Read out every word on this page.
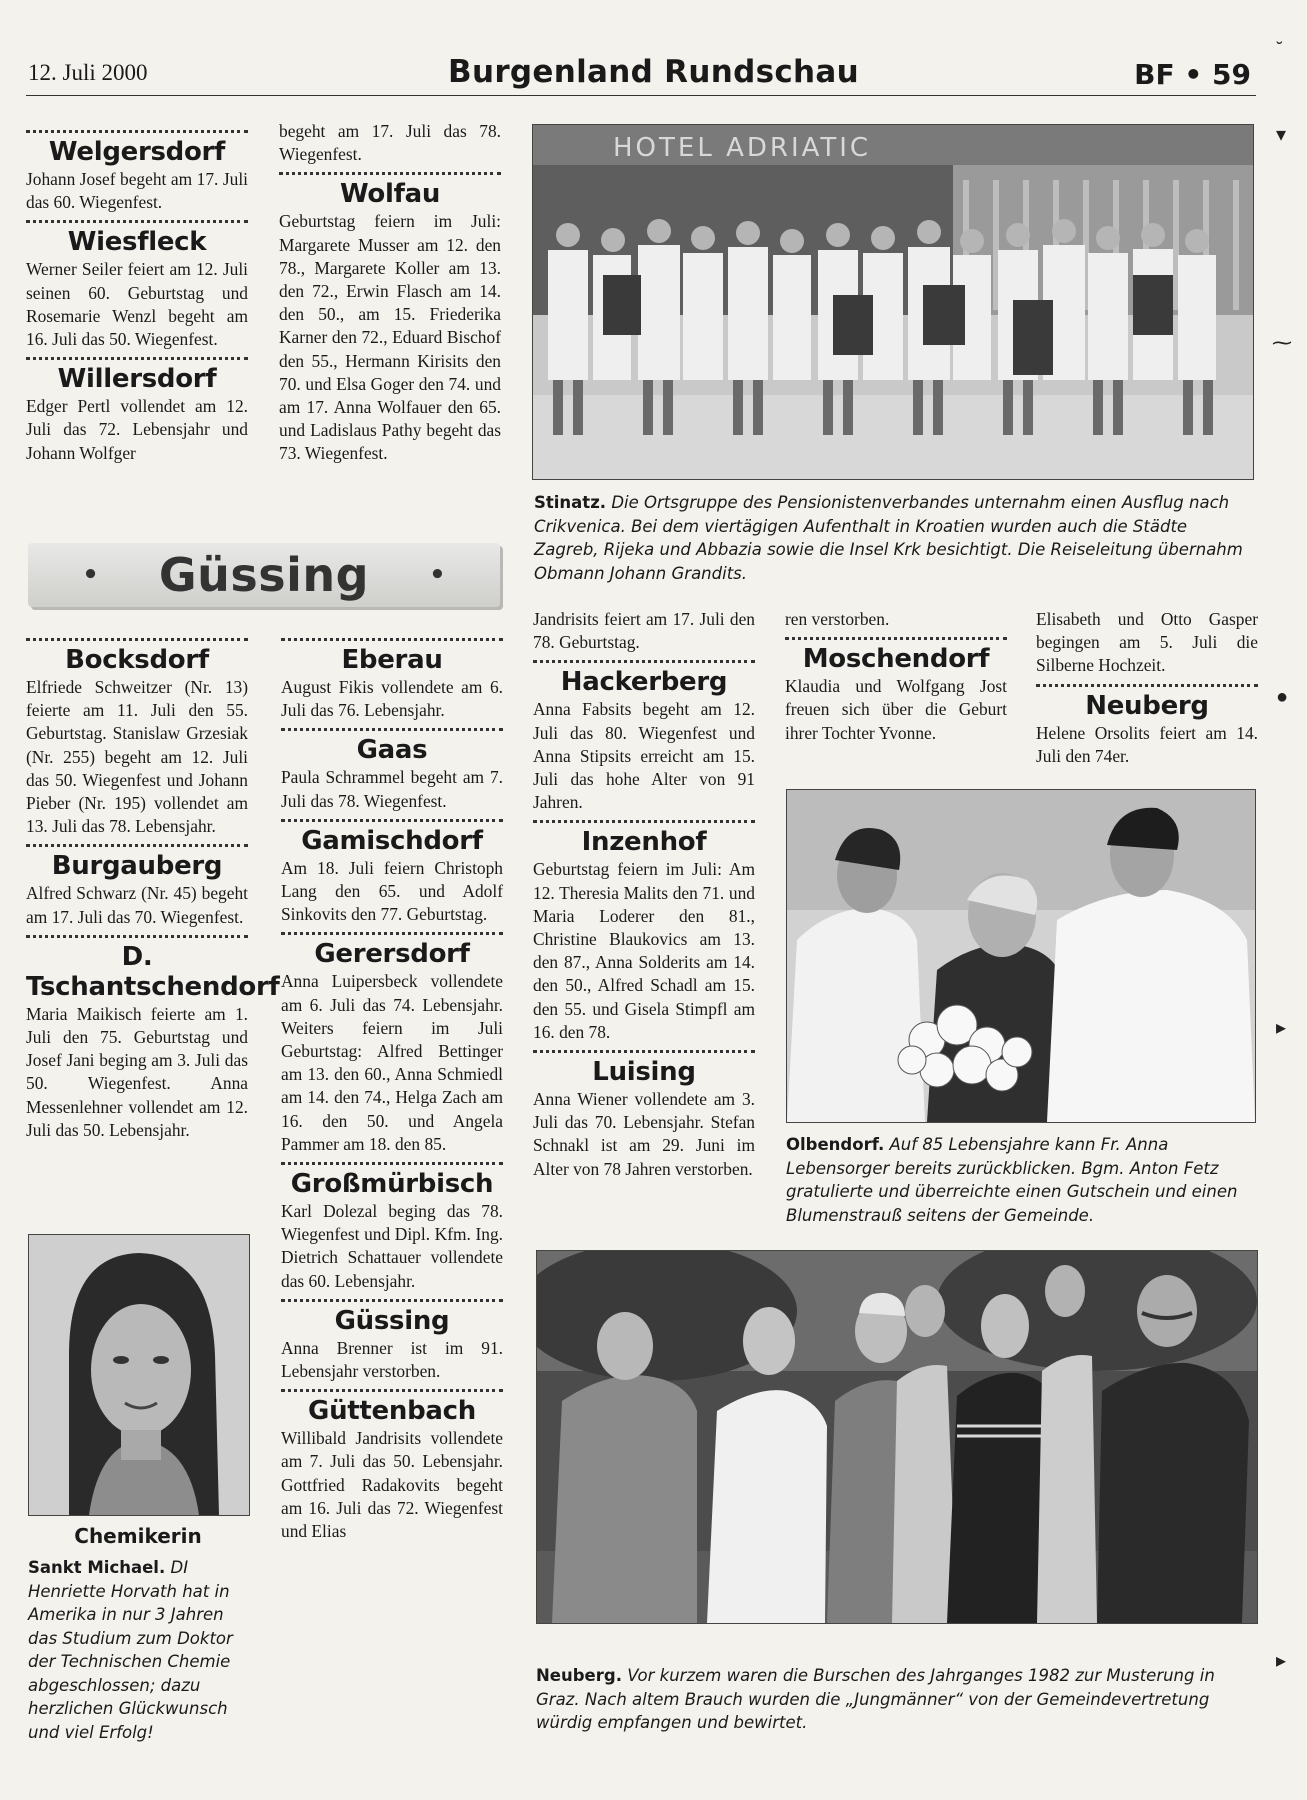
12. Juli 2000	Burgenland Rundschau	BF • 59
Welgersdorf

Johann Josef begeht am 17. Juli das 60. Wiegenfest.

Wiesfleck

Werner Seiler feiert am 12. Juli seinen 60. Geburtstag und Rosemarie Wenzl begeht am 16. Juli das 50. Wiegenfest.

Willersdorf

Edger Pertl vollendet am 12. Juli das 72. Lebensjahr und Johann Wolfger

begeht am 17. Juli das 78. Wiegenfest.

Wolfau

Geburtstag feiern im Juli: Margarete Musser am 12. den 78., Margarete Koller am 13. den 72., Erwin Flasch am 14. den 50., am 15. Friederika Karner den 72., Eduard Bischof den 55., Hermann Kirisits den 70. und Elsa Goger den 74. und am 17. Anna Wolfauer den 65. und Ladislaus Pathy begeht das 73. Wiegenfest.

• Güssing •
Bocksdorf

Elfriede Schweitzer (Nr. 13) feierte am 11. Juli den 55. Geburtstag. Stanislaw Grzesiak (Nr. 255) begeht am 12. Juli das 50. Wiegenfest und Johann Pieber (Nr. 195) vollendet am 13. Juli das 78. Lebensjahr.

Burgauberg

Alfred Schwarz (Nr. 45) begeht am 17. Juli das 70. Wiegenfest.

D. Tschantschendorf

Maria Maikisch feierte am 1. Juli den 75. Geburtstag und Josef Jani beging am 3. Juli das 50. Wiegenfest. Anna Messenlehner vollendet am 12. Juli das 50. Lebensjahr.

Chemikerin
Sankt Michael. DI Henriette Horvath hat in Amerika in nur 3 Jahren das Studium zum Doktor der Technischen Chemie abgeschlossen; dazu herzlichen Glückwunsch und viel Erfolg!
Eberau

August Fikis vollendete am 6. Juli das 76. Lebensjahr.

Gaas

Paula Schrammel begeht am 7. Juli das 78. Wiegenfest.

Gamischdorf

Am 18. Juli feiern Christoph Lang den 65. und Adolf Sinkovits den 77. Geburtstag.

Gerersdorf

Anna Luipersbeck vollendete am 6. Juli das 74. Lebensjahr. Weiters feiern im Juli Geburtstag: Alfred Bettinger am 13. den 60., Anna Schmiedl am 14. den 74., Helga Zach am 16. den 50. und Angela Pammer am 18. den 85.

Großmürbisch

Karl Dolezal beging das 78. Wiegenfest und Dipl. Kfm. Ing. Dietrich Schattauer vollendete das 60. Lebensjahr.

Güssing

Anna Brenner ist im 91. Lebensjahr verstorben.

Güttenbach

Willibald Jandrisits vollendete am 7. Juli das 50. Lebensjahr. Gottfried Radakovits begeht am 16. Juli das 72. Wiegenfest und Elias

HOTEL ADRIATIC
Stinatz. Die Ortsgruppe des Pensionistenverbandes unternahm einen Ausflug nach Crikvenica. Bei dem viertägigen Aufenthalt in Kroatien wurden auch die Städte Zagreb, Rijeka und Abbazia sowie die Insel Krk besichtigt. Die Reiseleitung übernahm Obmann Johann Grandits.

Jandrisits feiert am 17. Juli den 78. Geburtstag.

Hackerberg

Anna Fabsits begeht am 12. Juli das 80. Wiegenfest und Anna Stipsits erreicht am 15. Juli das hohe Alter von 91 Jahren.

Inzenhof

Geburtstag feiern im Juli: Am 12. Theresia Malits den 71. und Maria Loderer den 81., Christine Blaukovics am 13. den 87., Anna Solderits am 14. den 50., Alfred Schadl am 15. den 55. und Gisela Stimpfl am 16. den 78.

Luising

Anna Wiener vollendete am 3. Juli das 70. Lebensjahr. Stefan Schnakl ist am 29. Juni im Alter von 78 Jahren verstorben.

ren verstorben.

Moschendorf

Klaudia und Wolfgang Jost freuen sich über die Geburt ihrer Tochter Yvonne.

Elisabeth und Otto Gasper begingen am 5. Juli die Silberne Hochzeit.

Neuberg

Helene Orsolits feiert am 14. Juli den 74er.

Olbendorf. Auf 85 Lebensjahre kann Fr. Anna Lebensorger bereits zurückblicken. Bgm. Anton Fetz gratulierte und überreichte einen Gutschein und einen Blumenstrauß seitens der Gemeinde.
Neuberg. Vor kurzem waren die Burschen des Jahrganges 1982 zur Musterung in Graz. Nach altem Brauch wurden die „Jungmänner“ von der Gemeindevertretung würdig empfangen und bewirtet.
˘
▾
⁓
●
▸
▸
